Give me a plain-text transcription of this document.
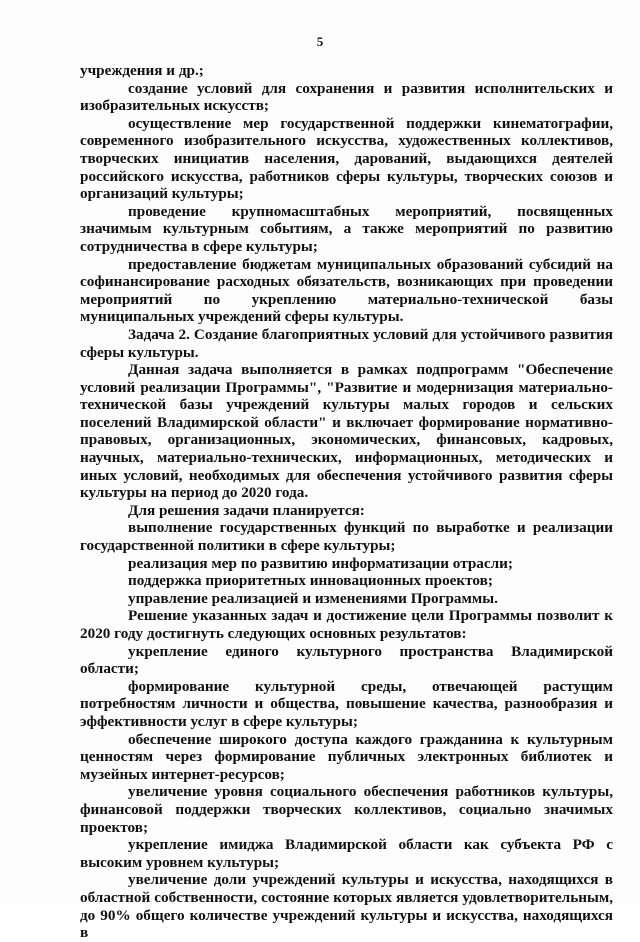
5

учреждения и др.;

создание условий для сохранения и развития исполнительских и изобразительных искусств;

осуществление мер государственной поддержки кинематографии, современного изобразительного искусства, художественных коллективов, творческих инициатив населения, дарований, выдающихся деятелей российского искусства, работников сферы культуры, творческих союзов и организаций культуры;

проведение крупномасштабных мероприятий, посвященных значимым культурным событиям, а также мероприятий по развитию сотрудничества в сфере культуры;

предоставление бюджетам муниципальных образований субсидий на софинансирование расходных обязательств, возникающих при проведении мероприятий по укреплению материально-технической базы муниципальных учреждений сферы культуры.

Задача 2. Создание благоприятных условий для устойчивого развития сферы культуры.

Данная задача выполняется в рамках подпрограмм "Обеспечение условий реализации Программы", "Развитие и модернизация материально-технической базы учреждений культуры малых городов и сельских поселений Владимирской области" и включает формирование нормативно-правовых, организационных, экономических, финансовых, кадровых, научных, материально-технических, информационных, методических и иных условий, необходимых для обеспечения устойчивого развития сферы культуры на период до 2020 года.

Для решения задачи планируется:

выполнение государственных функций по выработке и реализации государственной политики в сфере культуры;

реализация мер по развитию информатизации отрасли;

поддержка приоритетных инновационных проектов;

управление реализацией и изменениями Программы.

Решение указанных задач и достижение цели Программы позволит к 2020 году достигнуть следующих основных результатов:

укрепление единого культурного пространства Владимирской области;

формирование культурной среды, отвечающей растущим потребностям личности и общества, повышение качества, разнообразия и эффективности услуг в сфере культуры;

обеспечение широкого доступа каждого гражданина к культурным ценностям через формирование публичных электронных библиотек и музейных интернет-ресурсов;

увеличение уровня социального обеспечения работников культуры, финансовой поддержки творческих коллективов, социально значимых проектов;

укрепление имиджа Владимирской области как субъекта РФ с высоким уровнем культуры;

увеличение доли учреждений культуры и искусства, находящихся в областной собственности, состояние которых является удовлетворительным, до 90% общего количестве учреждений культуры и искусства, находящихся в
